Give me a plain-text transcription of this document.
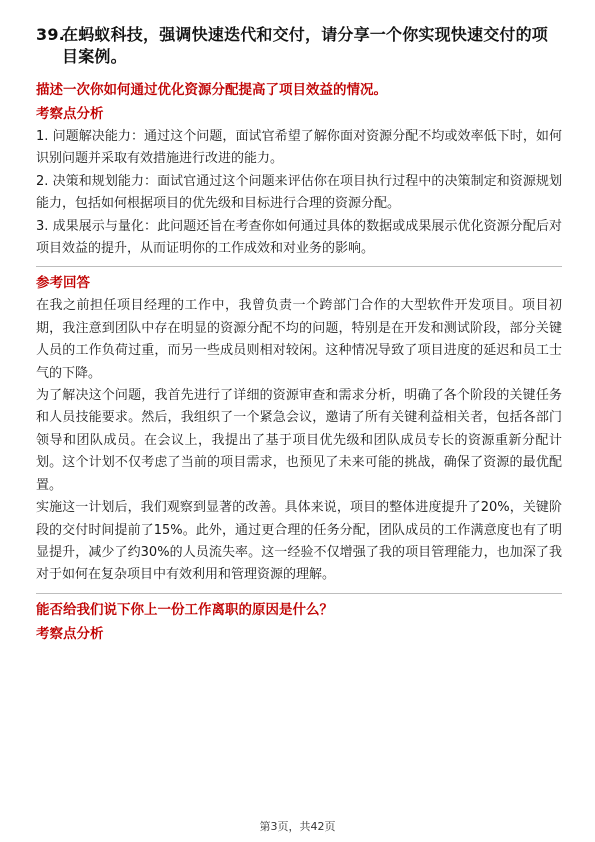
39.
在蚂蚁科技，强调快速迭代和交付，请分享一个你实现快速交付的项目案例。
描述一次你如何通过优化资源分配提高了项目效益的情况。
考察点分析

1. 问题解决能力：通过这个问题，面试官希望了解你面对资源分配不均或效率低下时，如何识别问题并采取有效措施进行改进的能力。

2. 决策和规划能力：面试官通过这个问题来评估你在项目执行过程中的决策制定和资源规划能力，包括如何根据项目的优先级和目标进行合理的资源分配。

3. 成果展示与量化：此问题还旨在考查你如何通过具体的数据或成果展示优化资源分配后对项目效益的提升，从而证明你的工作成效和对业务的影响。

参考回答

在我之前担任项目经理的工作中，我曾负责一个跨部门合作的大型软件开发项目。项目初期，我注意到团队中存在明显的资源分配不均的问题，特别是在开发和测试阶段，部分关键人员的工作负荷过重，而另一些成员则相对较闲。这种情况导致了项目进度的延迟和员工士气的下降。

为了解决这个问题，我首先进行了详细的资源审查和需求分析，明确了各个阶段的关键任务和人员技能要求。然后，我组织了一个紧急会议，邀请了所有关键利益相关者，包括各部门领导和团队成员。在会议上，我提出了基于项目优先级和团队成员专长的资源重新分配计划。这个计划不仅考虑了当前的项目需求，也预见了未来可能的挑战，确保了资源的最优配置。

实施这一计划后，我们观察到显著的改善。具体来说，项目的整体进度提升了20%，关键阶段的交付时间提前了15%。此外，通过更合理的任务分配，团队成员的工作满意度也有了明显提升，减少了约30%的人员流失率。这一经验不仅增强了我的项目管理能力，也加深了我对于如何在复杂项目中有效利用和管理资源的理解。

能否给我们说下你上一份工作离职的原因是什么？
考察点分析
第3页，共42页
